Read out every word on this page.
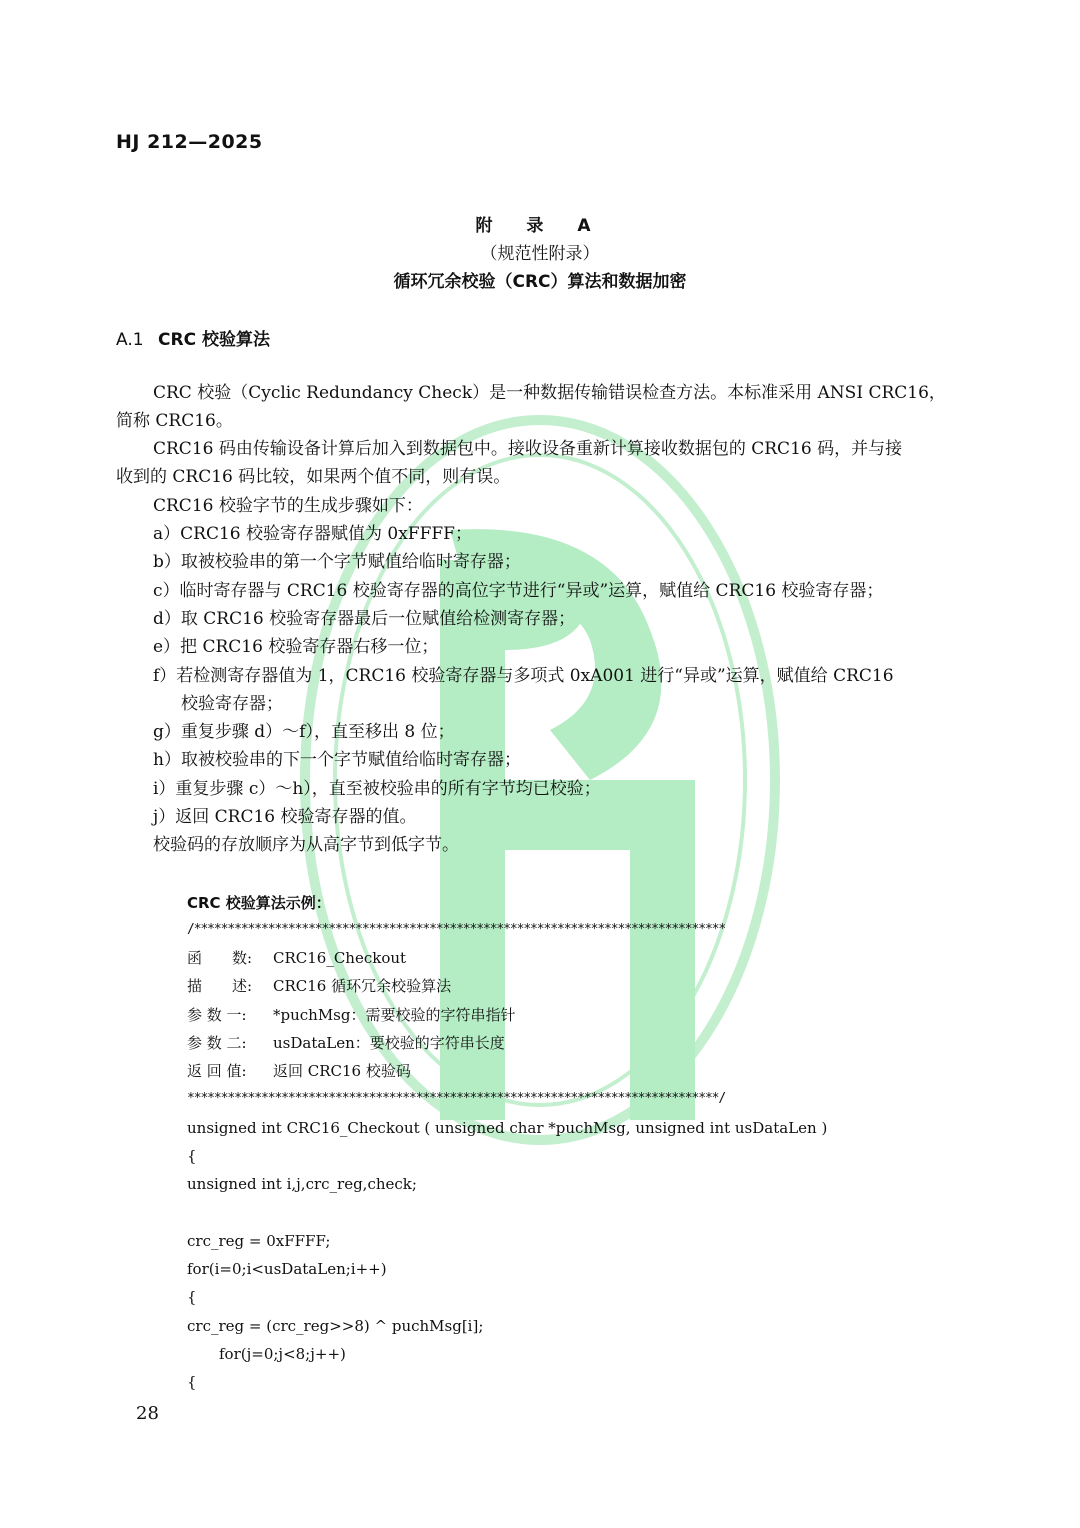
HJ 212—2025
附 录 A
（规范性附录）
循环冗余校验（CRC）算法和数据加密
A.1 CRC 校验算法
CRC 校验（Cyclic Redundancy Check）是一种数据传输错误检查方法。本标准采用 ANSI CRC16，
简称 CRC16。
CRC16 码由传输设备计算后加入到数据包中。接收设备重新计算接收数据包的 CRC16 码，并与接
收到的 CRC16 码比较，如果两个值不同，则有误。
CRC16 校验字节的生成步骤如下：
a）CRC16 校验寄存器赋值为 0xFFFF；
b）取被校验串的第一个字节赋值给临时寄存器；
c）临时寄存器与 CRC16 校验寄存器的高位字节进行“异或”运算，赋值给 CRC16 校验寄存器；
d）取 CRC16 校验寄存器最后一位赋值给检测寄存器；
e）把 CRC16 校验寄存器右移一位；
f）若检测寄存器值为 1，CRC16 校验寄存器与多项式 0xA001 进行“异或”运算，赋值给 CRC16
校验寄存器；
g）重复步骤 d）～f），直至移出 8 位；
h）取被校验串的下一个字节赋值给临时寄存器；
i）重复步骤 c）～h），直至被校验串的所有字节均已校验；
j）返回 CRC16 校验寄存器的值。
校验码的存放顺序为从高字节到低字节。
CRC 校验算法示例：
/*******************************************************************************
函　　数: CRC16_Checkout
描　　述: CRC16 循环冗余校验算法
参 数 一: *puchMsg：需要校验的字符串指针
参 数 二: usDataLen：要校验的字符串长度
返 回 值: 返回 CRC16 校验码
*******************************************************************************/
unsigned int CRC16_Checkout ( unsigned char *puchMsg, unsigned int usDataLen )
{
unsigned int i,j,crc_reg,check;
crc_reg = 0xFFFF;
for(i=0;i<usDataLen;i++)
{
crc_reg = (crc_reg>>8) ^ puchMsg[i];
for(j=0;j<8;j++)
{
28
